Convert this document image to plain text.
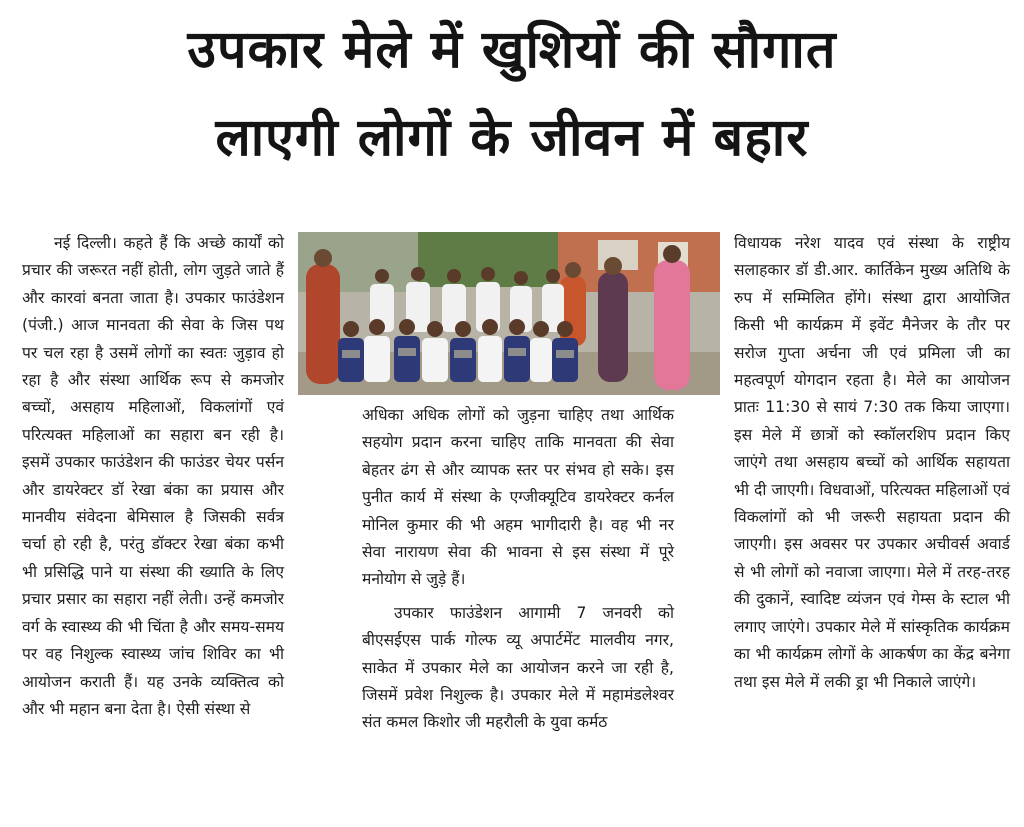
उपकार मेले में खुशियों की सौगात
लाएगी लोगों के जीवन में बहार

नई दिल्ली। कहते हैं कि अच्छे कार्यों को प्रचार की जरूरत नहीं होती, लोग जुड़ते जाते हैं और कारवां बनता जाता है। उपकार फाउंडेशन (पंजी.) आज मानवता की सेवा के जिस पथ पर चल रहा है उसमें लोगों का स्वतः जुड़ाव हो रहा है और संस्था आर्थिक रूप से कमजोर बच्चों, असहाय महिलाओं, विकलांगों एवं परित्यक्त महिलाओं का सहारा बन रही है। इसमें उपकार फाउंडेशन की फाउंडर चेयर पर्सन और डायरेक्टर डॉ रेखा बंका का प्रयास और मानवीय संवेदना बेमिसाल है जिसकी सर्वत्र चर्चा हो रही है, परंतु डॉक्टर रेखा बंका कभी भी प्रसिद्धि पाने या संस्था की ख्याति के लिए प्रचार प्रसार का सहारा नहीं लेती। उन्हें कमजोर वर्ग के स्वास्थ्य की भी चिंता है और समय-समय पर वह निशुल्क स्वास्थ्य जांच शिविर का भी आयोजन कराती हैं। यह उनके व्यक्तित्व को और भी महान बना देता है। ऐसी संस्था से

अधिका अधिक लोगों को जुड़ना चाहिए तथा आर्थिक सहयोग प्रदान करना चाहिए ताकि मानवता की सेवा बेहतर ढंग से और व्यापक स्तर पर संभव हो सके। इस पुनीत कार्य में संस्था के एग्जीक्यूटिव डायरेक्टर कर्नल मोनिल कुमार की भी अहम भागीदारी है। वह भी नर सेवा नारायण सेवा की भावना से इस संस्था में पूरे मनोयोग से जुड़े हैं।

उपकार फाउंडेशन आगामी 7 जनवरी को बीएसईएस पार्क गोल्फ व्यू अपार्टमेंट मालवीय नगर, साकेत में उपकार मेले का आयोजन करने जा रही है, जिसमें प्रवेश निशुल्क है। उपकार मेले में महामंडलेश्वर संत कमल किशोर जी महरौली के युवा कर्मठ

विधायक नरेश यादव एवं संस्था के राष्ट्रीय सलाहकार डॉ डी.आर. कार्तिकेन मुख्य अतिथि के रुप में सम्मिलित होंगे। संस्था द्वारा आयोजित किसी भी कार्यक्रम में इवेंट मैनेजर के तौर पर सरोज गुप्ता अर्चना जी एवं प्रमिला जी का महत्वपूर्ण योगदान रहता है। मेले का आयोजन प्रातः 11:30 से सायं 7:30 तक किया जाएगा। इस मेले में छात्रों को स्कॉलरशिप प्रदान किए जाएंगे तथा असहाय बच्चों को आर्थिक सहायता भी दी जाएगी। विधवाओं, परित्यक्त महिलाओं एवं विकलांगों को भी जरूरी सहायता प्रदान की जाएगी। इस अवसर पर उपकार अचीवर्स अवार्ड से भी लोगों को नवाजा जाएगा। मेले में तरह-तरह की दुकानें, स्वादिष्ट व्यंजन एवं गेम्स के स्टाल भी लगाए जाएंगे। उपकार मेले में सांस्कृतिक कार्यक्रम का भी कार्यक्रम लोगों के आकर्षण का केंद्र बनेगा तथा इस मेले में लकी ड्रा भी निकाले जाएंगे।
